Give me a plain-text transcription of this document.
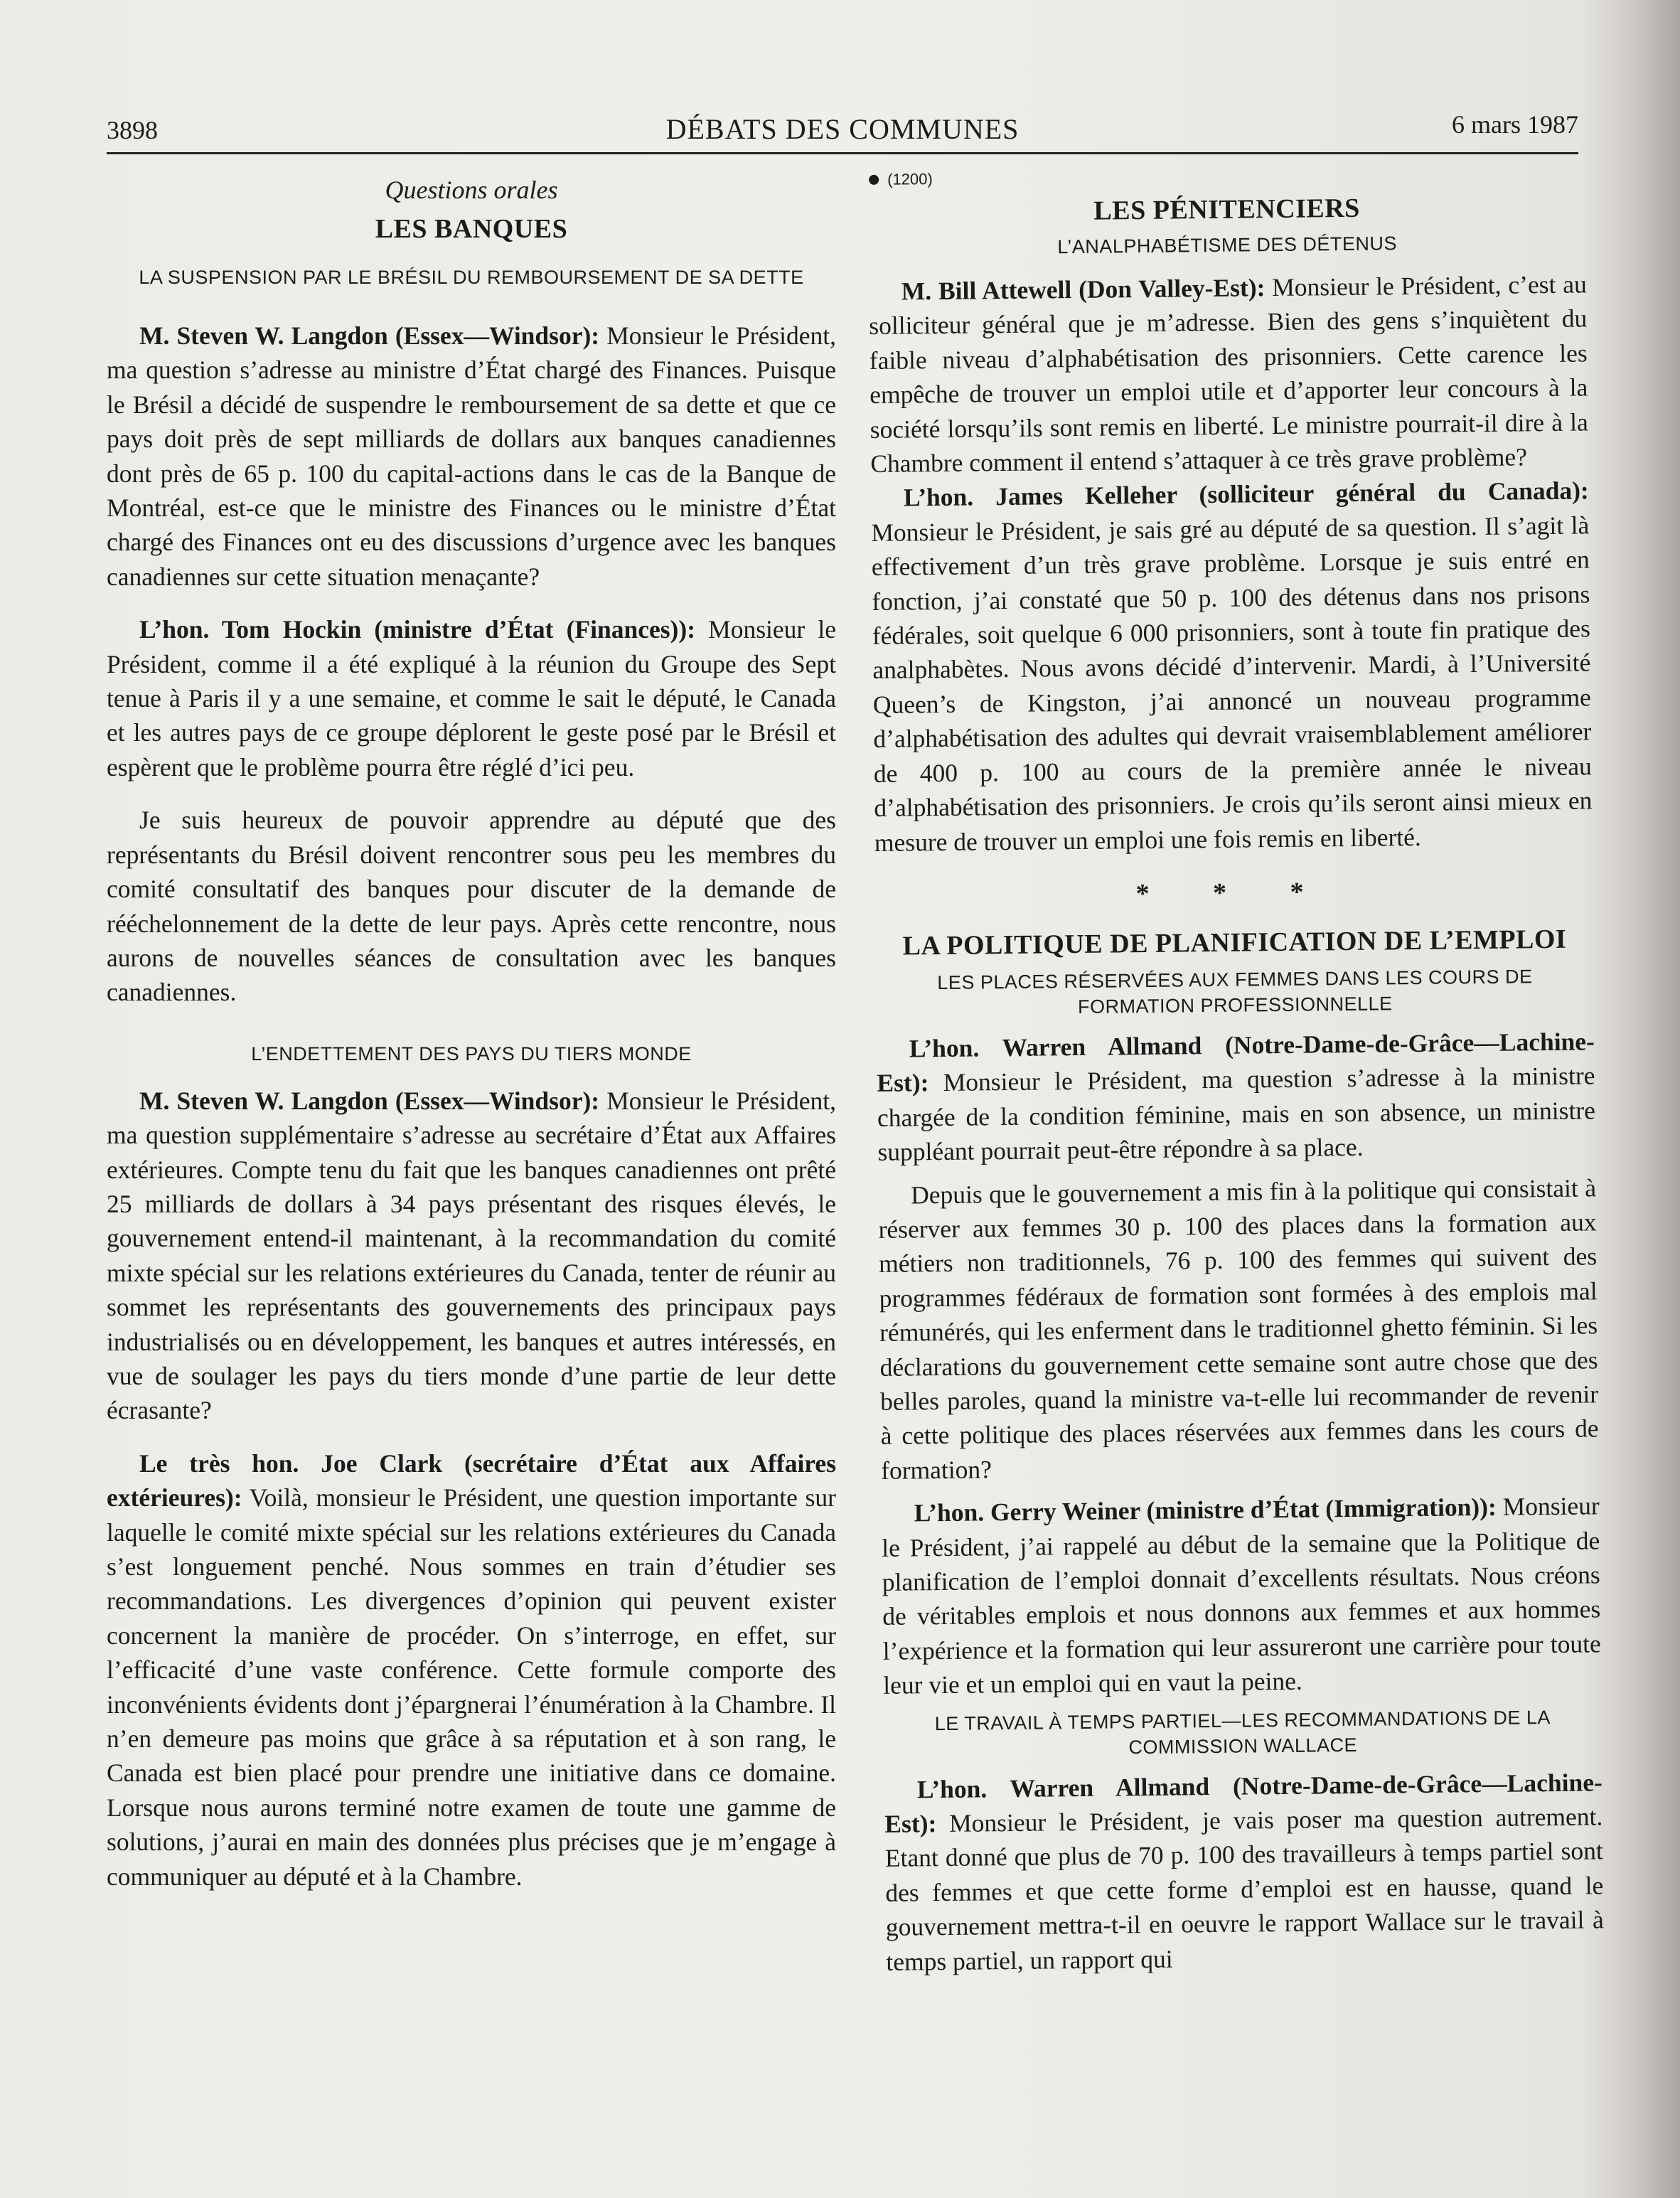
3898	DÉBATS DES COMMUNES	6 mars 1987
Questions orales
LES BANQUES
LA SUSPENSION PAR LE BRÉSIL DU REMBOURSEMENT DE SA DETTE

M. Steven W. Langdon (Essex—Windsor): Monsieur le Président, ma question s’adresse au ministre d’État chargé des Finances. Puisque le Brésil a décidé de suspendre le remboursement de sa dette et que ce pays doit près de sept milliards de dollars aux banques canadiennes dont près de 65 p. 100 du capital-actions dans le cas de la Banque de Montréal, est-ce que le ministre des Finances ou le ministre d’État chargé des Finances ont eu des discussions d’urgence avec les banques canadiennes sur cette situation menaçante?

L’hon. Tom Hockin (ministre d’État (Finances)): Monsieur le Président, comme il a été expliqué à la réunion du Groupe des Sept tenue à Paris il y a une semaine, et comme le sait le député, le Canada et les autres pays de ce groupe déplorent le geste posé par le Brésil et espèrent que le problème pourra être réglé d’ici peu.

Je suis heureux de pouvoir apprendre au député que des représentants du Brésil doivent rencontrer sous peu les membres du comité consultatif des banques pour discuter de la demande de rééchelonnement de la dette de leur pays. Après cette rencontre, nous aurons de nouvelles séances de consultation avec les banques canadiennes.

L’ENDETTEMENT DES PAYS DU TIERS MONDE

M. Steven W. Langdon (Essex—Windsor): Monsieur le Président, ma question supplémentaire s’adresse au secrétaire d’État aux Affaires extérieures. Compte tenu du fait que les banques canadiennes ont prêté 25 milliards de dollars à 34 pays présentant des risques élevés, le gouvernement entend-il maintenant, à la recommandation du comité mixte spécial sur les relations extérieures du Canada, tenter de réunir au sommet les représentants des gouvernements des principaux pays industrialisés ou en développement, les banques et autres intéressés, en vue de soulager les pays du tiers monde d’une partie de leur dette écrasante?

Le très hon. Joe Clark (secrétaire d’État aux Affaires extérieures): Voilà, monsieur le Président, une question importante sur laquelle le comité mixte spécial sur les relations extérieures du Canada s’est longuement penché. Nous sommes en train d’étudier ses recommandations. Les divergences d’opinion qui peuvent exister concernent la manière de procéder. On s’interroge, en effet, sur l’efficacité d’une vaste conférence. Cette formule comporte des inconvénients évidents dont j’épargnerai l’énumération à la Chambre. Il n’en demeure pas moins que grâce à sa réputation et à son rang, le Canada est bien placé pour prendre une initiative dans ce domaine. Lorsque nous aurons terminé notre examen de toute une gamme de solutions, j’aurai en main des données plus précises que je m’engage à communiquer au député et à la Chambre.

(1200)
LES PÉNITENCIERS
L’ANALPHABÉTISME DES DÉTENUS

M. Bill Attewell (Don Valley-Est): Monsieur le Président, c’est au solliciteur général que je m’adresse. Bien des gens s’inquiètent du faible niveau d’alphabétisation des prisonniers. Cette carence les empêche de trouver un emploi utile et d’apporter leur concours à la société lorsqu’ils sont remis en liberté. Le ministre pourrait-il dire à la Chambre comment il entend s’attaquer à ce très grave problème?

L’hon. James Kelleher (solliciteur général du Canada): Monsieur le Président, je sais gré au député de sa question. Il s’agit là effectivement d’un très grave problème. Lorsque je suis entré en fonction, j’ai constaté que 50 p. 100 des détenus dans nos prisons fédérales, soit quelque 6 000 prisonniers, sont à toute fin pratique des analphabètes. Nous avons décidé d’intervenir. Mardi, à l’Université Queen’s de Kingston, j’ai annoncé un nouveau programme d’alphabétisation des adultes qui devrait vraisemblablement améliorer de 400 p. 100 au cours de la première année le niveau d’alphabétisation des prisonniers. Je crois qu’ils seront ainsi mieux en mesure de trouver un emploi une fois remis en liberté.

* * *
LA POLITIQUE DE PLANIFICATION DE L’EMPLOI
LES PLACES RÉSERVÉES AUX FEMMES DANS LES COURS DE FORMATION PROFESSIONNELLE

L’hon. Warren Allmand (Notre-Dame-de-Grâce—Lachine-Est): Monsieur le Président, ma question s’adresse à la ministre chargée de la condition féminine, mais en son absence, un ministre suppléant pourrait peut-être répondre à sa place.

Depuis que le gouvernement a mis fin à la politique qui consistait à réserver aux femmes 30 p. 100 des places dans la formation aux métiers non traditionnels, 76 p. 100 des femmes qui suivent des programmes fédéraux de formation sont formées à des emplois mal rémunérés, qui les enferment dans le traditionnel ghetto féminin. Si les déclarations du gouvernement cette semaine sont autre chose que des belles paroles, quand la ministre va-t-elle lui recommander de revenir à cette politique des places réservées aux femmes dans les cours de formation?

L’hon. Gerry Weiner (ministre d’État (Immigration)): Monsieur le Président, j’ai rappelé au début de la semaine que la Politique de planification de l’emploi donnait d’excellents résultats. Nous créons de véritables emplois et nous donnons aux femmes et aux hommes l’expérience et la formation qui leur assureront une carrière pour toute leur vie et un emploi qui en vaut la peine.

LE TRAVAIL À TEMPS PARTIEL—LES RECOMMANDATIONS DE LA COMMISSION WALLACE

L’hon. Warren Allmand (Notre-Dame-de-Grâce—Lachine-Est): Monsieur le Président, je vais poser ma question autrement. Etant donné que plus de 70 p. 100 des travailleurs à temps partiel sont des femmes et que cette forme d’emploi est en hausse, quand le gouvernement mettra-t-il en oeuvre le rapport Wallace sur le travail à temps partiel, un rapport qui
